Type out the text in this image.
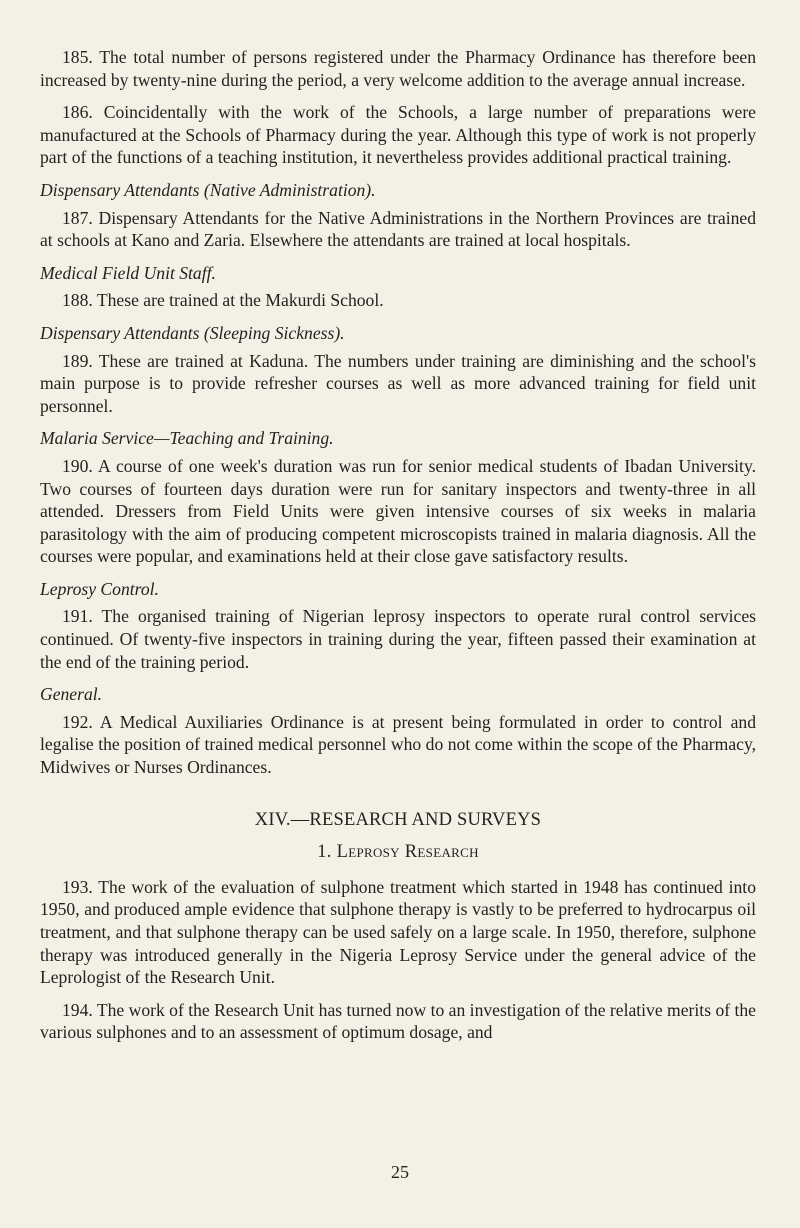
185. The total number of persons registered under the Pharmacy Ordinance has therefore been increased by twenty-nine during the period, a very welcome addition to the average annual increase.

186. Coincidentally with the work of the Schools, a large number of preparations were manufactured at the Schools of Pharmacy during the year. Although this type of work is not properly part of the functions of a teaching institution, it nevertheless provides additional practical training.

Dispensary Attendants (Native Administration).

187. Dispensary Attendants for the Native Administrations in the Northern Provinces are trained at schools at Kano and Zaria. Elsewhere the attendants are trained at local hospitals.

Medical Field Unit Staff.

188. These are trained at the Makurdi School.

Dispensary Attendants (Sleeping Sickness).

189. These are trained at Kaduna. The numbers under training are diminishing and the school's main purpose is to provide refresher courses as well as more advanced training for field unit personnel.

Malaria Service—Teaching and Training.

190. A course of one week's duration was run for senior medical students of Ibadan University. Two courses of fourteen days duration were run for sanitary inspectors and twenty-three in all attended. Dressers from Field Units were given intensive courses of six weeks in malaria parasitology with the aim of producing competent microscopists trained in malaria diagnosis. All the courses were popular, and examinations held at their close gave satisfactory results.

Leprosy Control.

191. The organised training of Nigerian leprosy inspectors to operate rural control services continued. Of twenty-five inspectors in training during the year, fifteen passed their examination at the end of the training period.

General.

192. A Medical Auxiliaries Ordinance is at present being formulated in order to control and legalise the position of trained medical personnel who do not come within the scope of the Pharmacy, Midwives or Nurses Ordinances.

XIV.—RESEARCH AND SURVEYS

1. Leprosy Research

193. The work of the evaluation of sulphone treatment which started in 1948 has continued into 1950, and produced ample evidence that sulphone therapy is vastly to be preferred to hydrocarpus oil treatment, and that sulphone therapy can be used safely on a large scale. In 1950, therefore, sulphone therapy was introduced generally in the Nigeria Leprosy Service under the general advice of the Leprologist of the Research Unit.

194. The work of the Research Unit has turned now to an investigation of the relative merits of the various sulphones and to an assessment of optimum dosage, and

25
